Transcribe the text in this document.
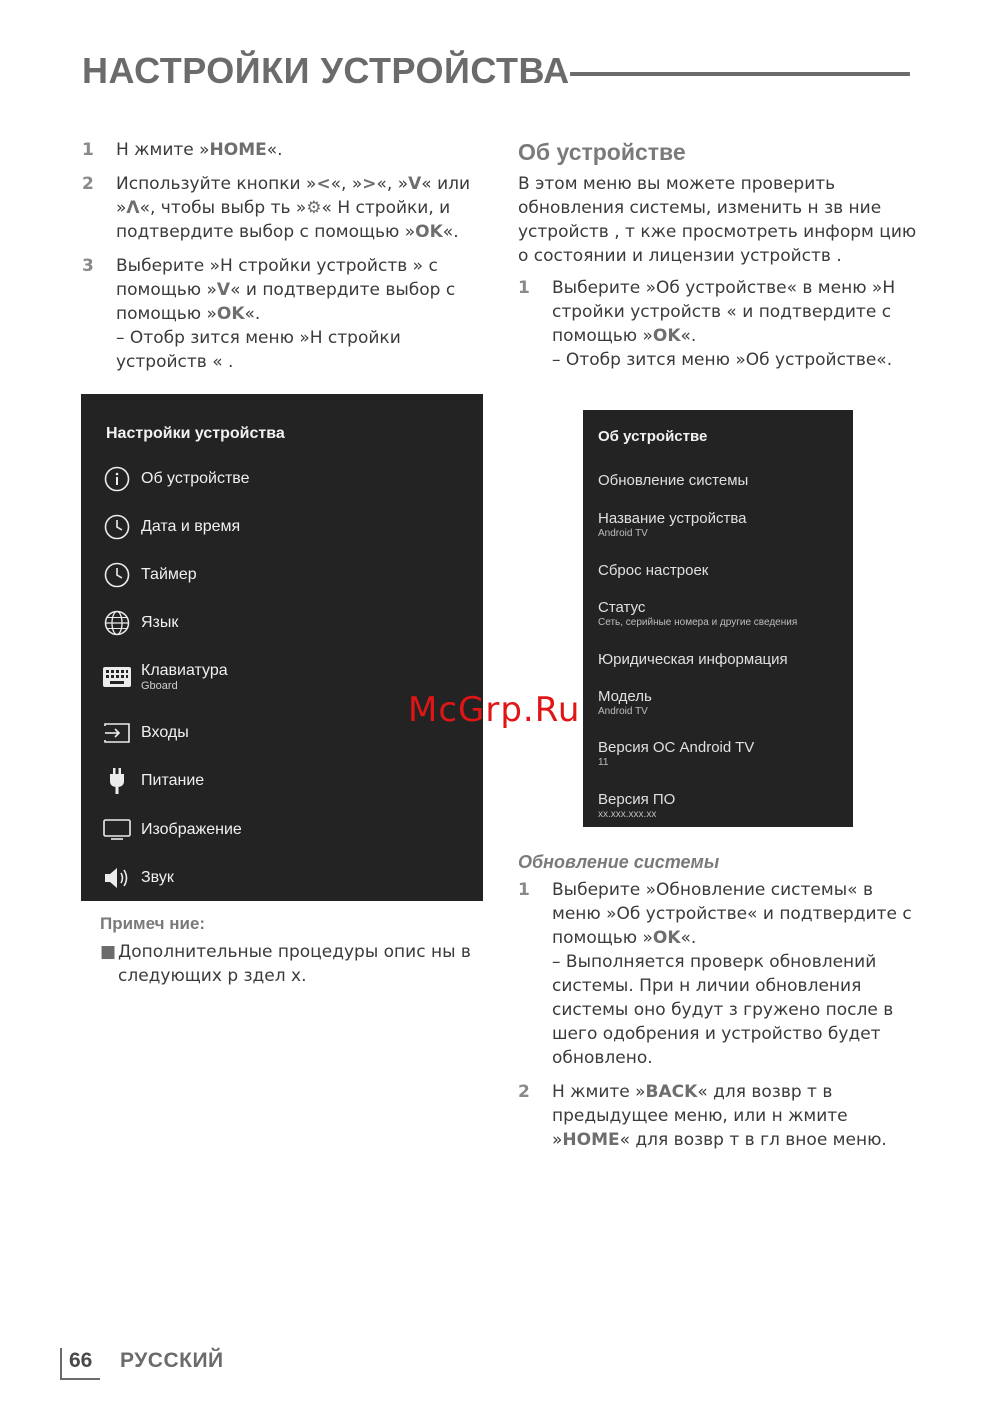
НАСТРОЙКИ УСТРОЙСТВА
1	Н жмите »HOME«.
2	Используйте кнопки »<«, »>«, »V« или »Λ«, чтобы выбр ть »⚙« Н стройки, и подтвердите выбор с помощью »OK«.
3	Выберите »Н стройки устройств » с помощью »V« и подтвердите выбор с помощью »OK«.
– Отобр зится меню »Н стройки устройств « .
Настройки устройства
Об устройстве
Дата и время
Таймер
Язык
Клавиатура
Gboard
Входы
Питание
Изображение
Звук
Примеч ние:
■ Дополнительные процедуры опис ны в следующих р здел х.
Об устройстве
В этом меню вы можете проверить обновления системы, изменить н зв ние устройств , т кже просмотреть информ цию о состоянии и лицензии устройств .
1	Выберите »Об устройстве« в меню »Н стройки устройств « и подтвердите с помощью »OK«.
– Отобр зится меню »Об устройстве«.
Об устройстве
Обновление системы
Название устройства
Android TV
Сброс настроек
Статус
Сеть, серийные номера и другие сведения
Юридическая информация
Модель
Android TV
Версия ОС Android TV
11
Версия ПО
xx.xxx.xxx.xx
Обновление системы
1	Выберите »Обновление системы« в меню »Об устройстве« и подтвердите с помощью »OK«.
– Выполняется проверк обновлений системы. При н личии обновления системы оно будут з гружено после в шего одобрения и устройство будет обновлено.
2	Н жмите »BACK« для возвр т в предыдущее меню, или н жмите »HOME« для возвр т в гл вное меню.
McGrp.Ru
66 РУССКИЙ
